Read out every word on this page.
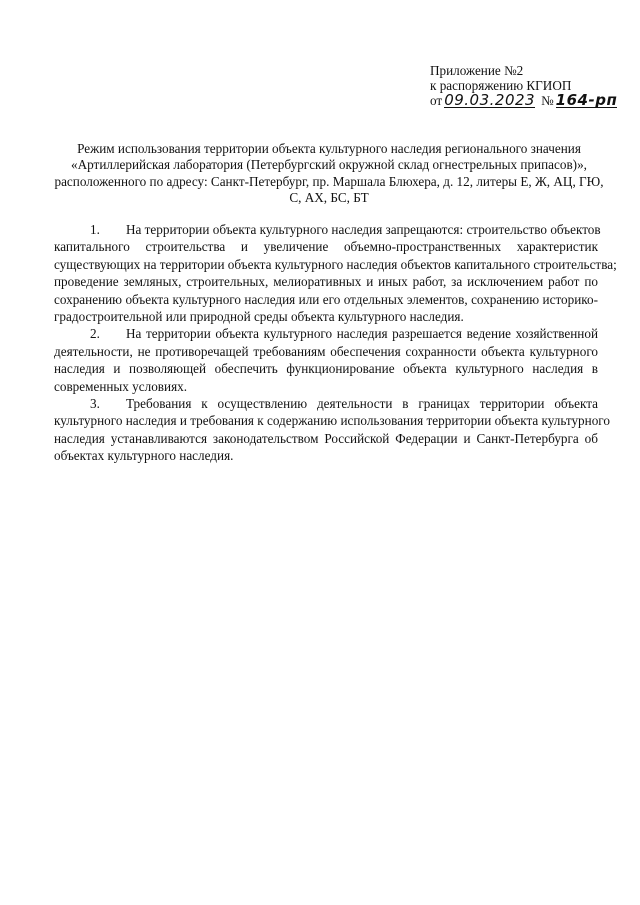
Приложение №2
к распоряжению КГИОП
от 09.03.2023 № 164-рп
Режим использования территории объекта культурного наследия регионального значения
«Артиллерийская лаборатория (Петербургский окружной склад огнестрельных припасов)»,
расположенного по адресу: Санкт-Петербург, пр. Маршала Блюхера, д. 12, литеры Е, Ж, АЦ, ГЮ,
С, АХ, БС, БТ
1. На территории объекта культурного наследия запрещаются: строительство объектов
капитального строительства и увеличение объемно-пространственных характеристик
существующих на территории объекта культурного наследия объектов капитального строительства;
проведение земляных, строительных, мелиоративных и иных работ, за исключением работ по
сохранению объекта культурного наследия или его отдельных элементов, сохранению историко-
градостроительной или природной среды объекта культурного наследия.
2. На территории объекта культурного наследия разрешается ведение хозяйственной
деятельности, не противоречащей требованиям обеспечения сохранности объекта культурного
наследия и позволяющей обеспечить функционирование объекта культурного наследия в
современных условиях.
3. Требования к осуществлению деятельности в границах территории объекта
культурного наследия и требования к содержанию использования территории объекта культурного
наследия устанавливаются законодательством Российской Федерации и Санкт-Петербурга об
объектах культурного наследия.
